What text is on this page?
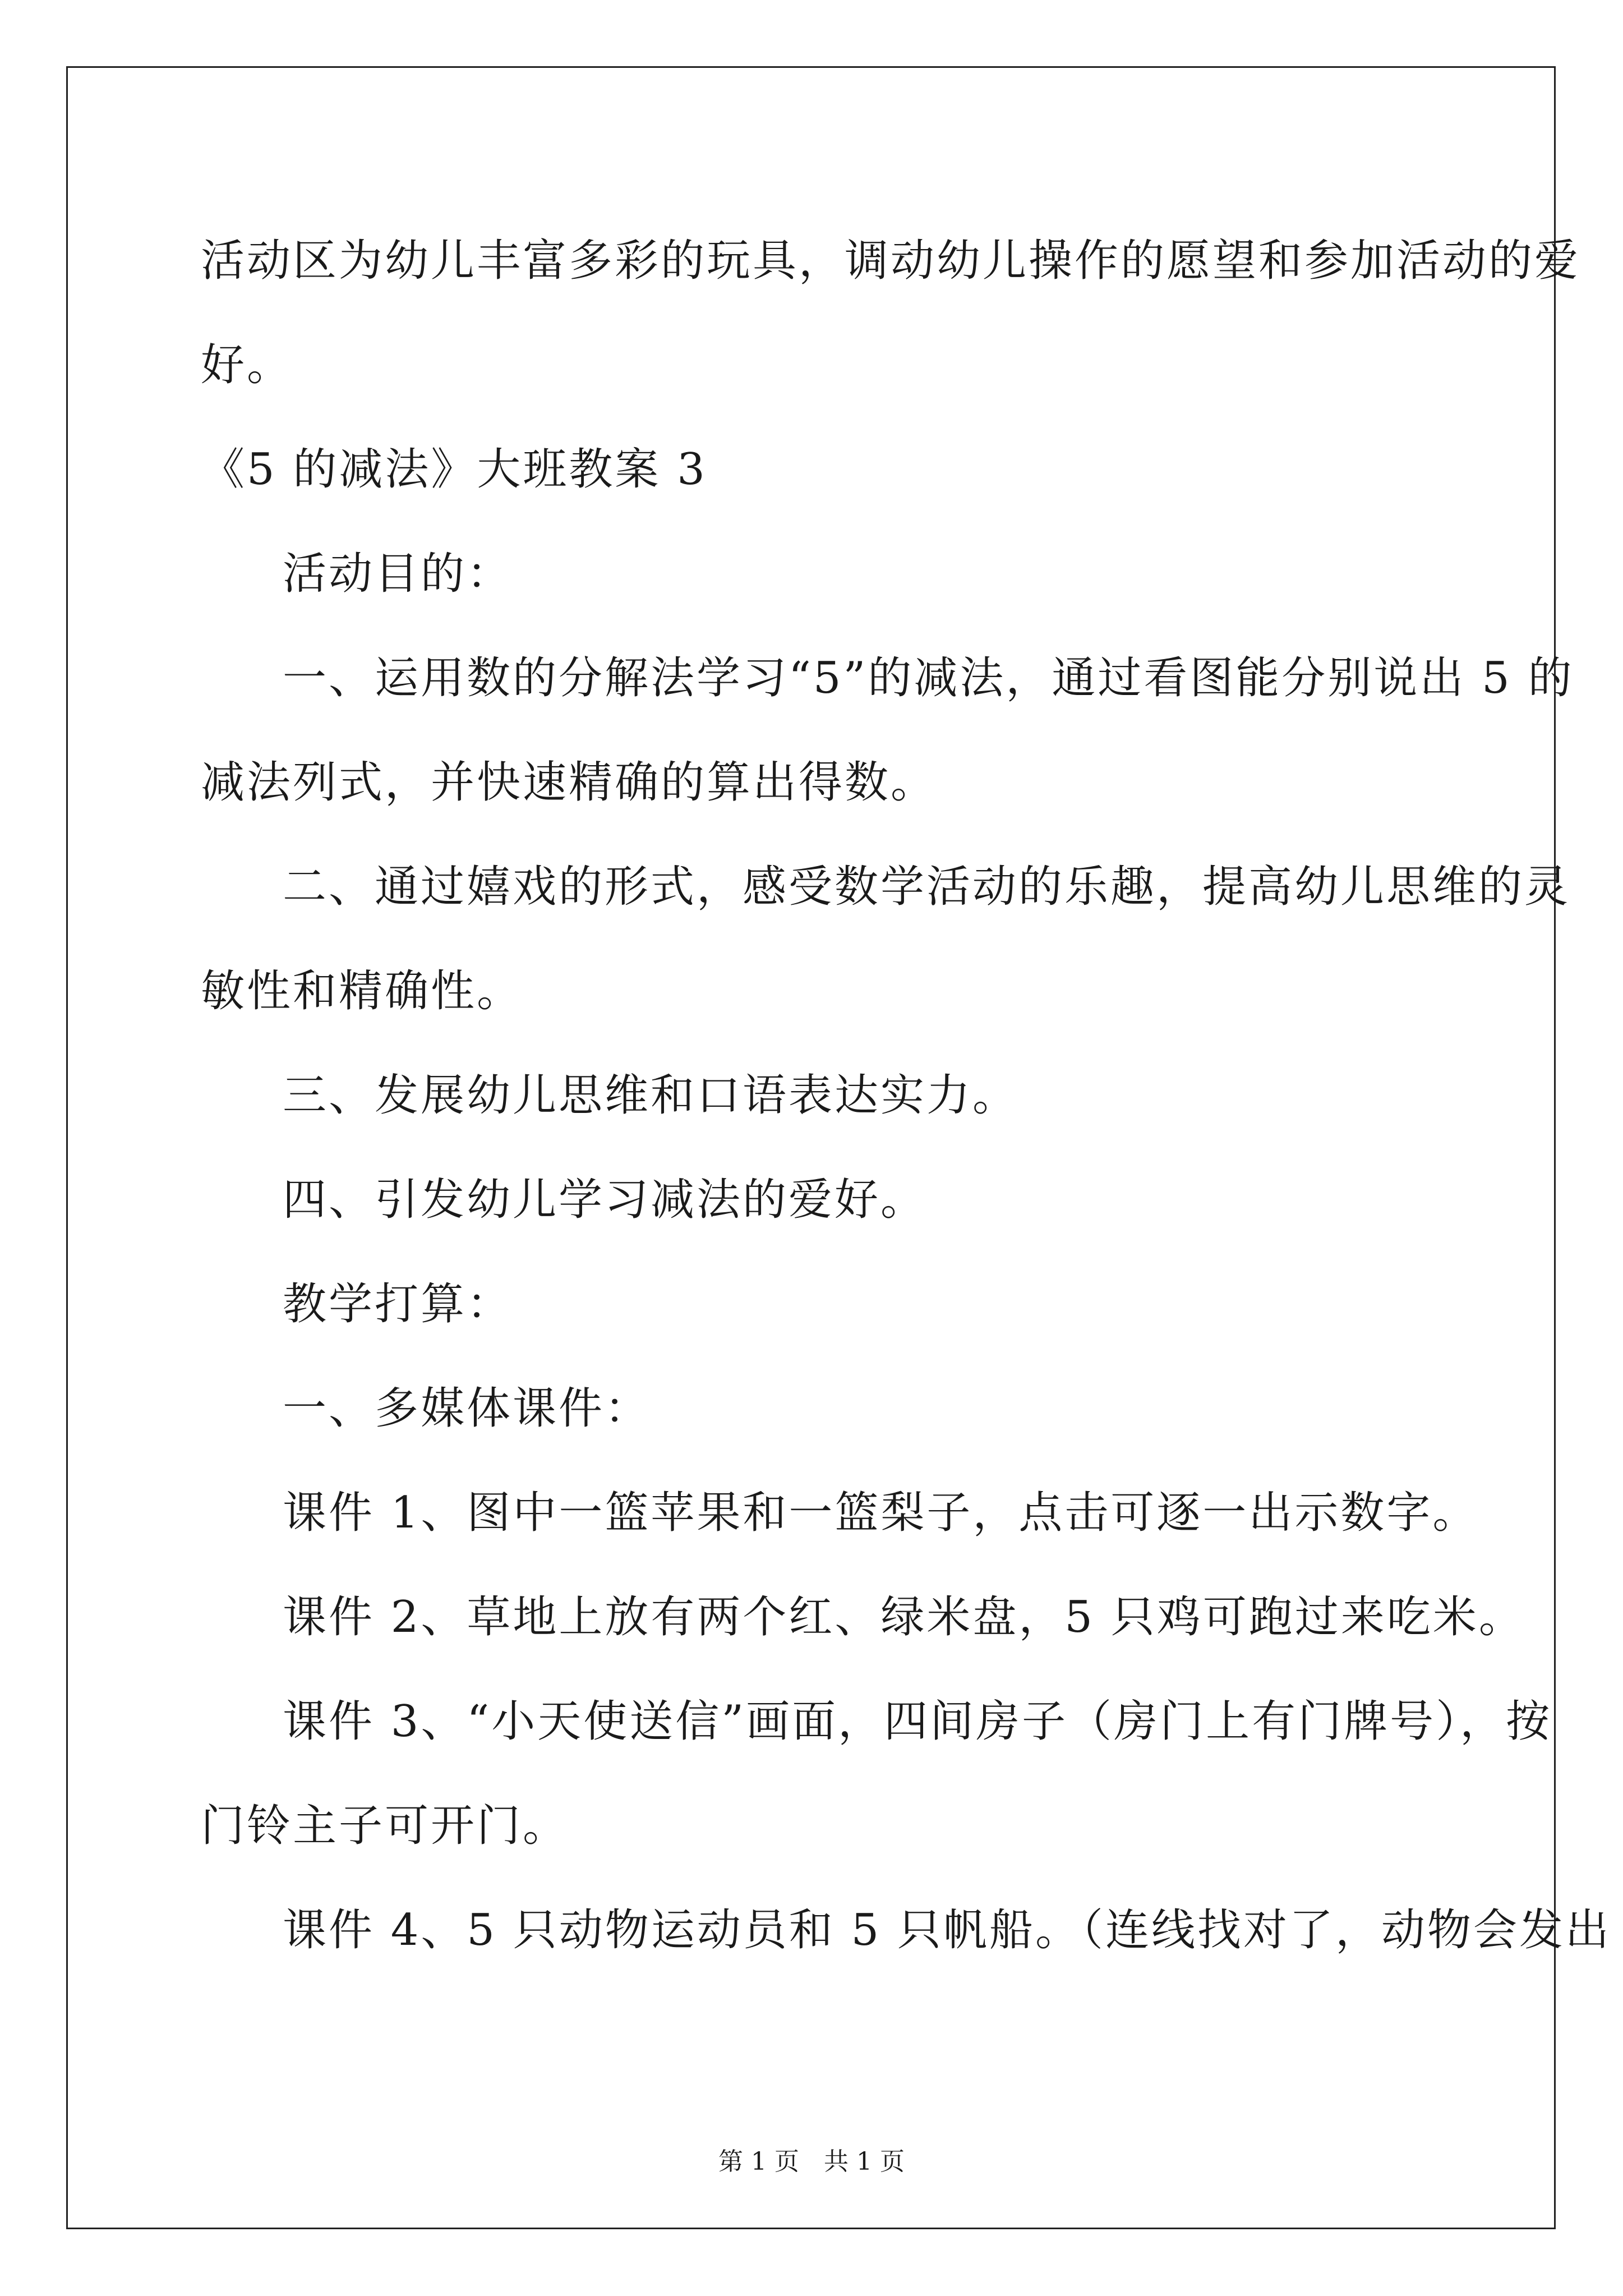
活动区为幼儿丰富多彩的玩具，调动幼儿操作的愿望和参加活动的爱
好。
《5 的减法》大班教案 3
活动目的：
一、运用数的分解法学习“5”的减法，通过看图能分别说出 5 的
减法列式，并快速精确的算出得数。
二、通过嬉戏的形式，感受数学活动的乐趣，提高幼儿思维的灵
敏性和精确性。
三、发展幼儿思维和口语表达实力。
四、引发幼儿学习减法的爱好。
教学打算：
一、多媒体课件：
课件 1、图中一篮苹果和一篮梨子，点击可逐一出示数字。
课件 2、草地上放有两个红、绿米盘，5 只鸡可跑过来吃米。
课件 3、“小天使送信”画面，四间房子（房门上有门牌号），按
门铃主子可开门。
课件 4、5 只动物运动员和 5 只帆船。（连线找对了，动物会发出
第 1 页　共 1 页
